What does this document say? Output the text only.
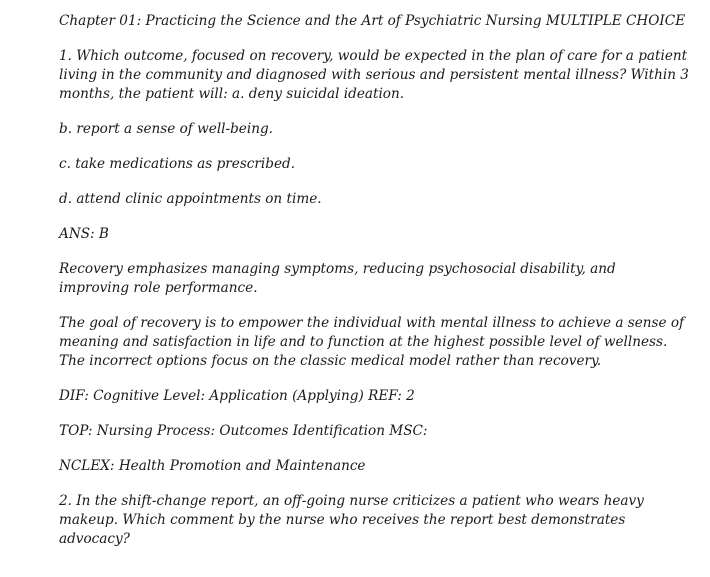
Chapter 01: Practicing the Science and the Art of Psychiatric Nursing MULTIPLE CHOICE

1. Which outcome, focused on recovery, would be expected in the plan of care for a patient living in the community and diagnosed with serious and persistent mental illness? Within 3 months, the patient will: a. deny suicidal ideation.

b. report a sense of well-being.

c. take medications as prescribed.

d. attend clinic appointments on time.

ANS: B

Recovery emphasizes managing symptoms, reducing psychosocial disability, and improving role performance.

The goal of recovery is to empower the individual with mental illness to achieve a sense of meaning and satisfaction in life and to function at the highest possible level of wellness. The incorrect options focus on the classic medical model rather than recovery.

DIF: Cognitive Level: Application (Applying) REF: 2

TOP: Nursing Process: Outcomes Identification MSC:

NCLEX: Health Promotion and Maintenance

2. In the shift-change report, an off-going nurse criticizes a patient who wears heavy makeup. Which comment by the nurse who receives the report best demonstrates advocacy?
